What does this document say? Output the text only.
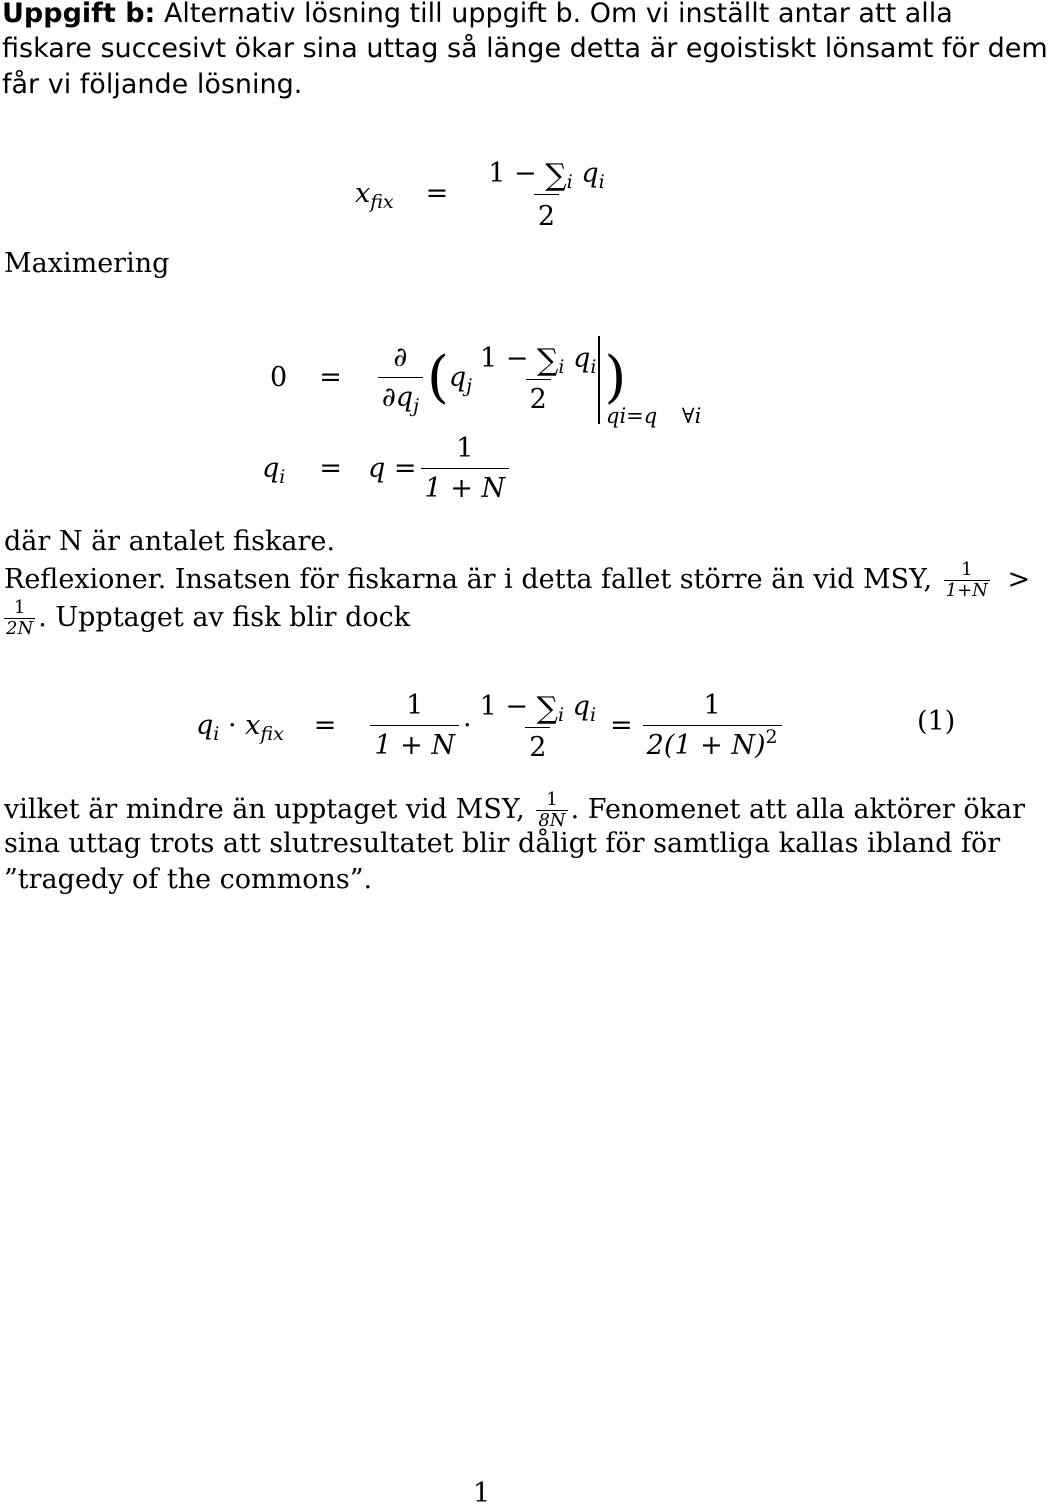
Uppgift b: Alternativ lösning till uppgift b. Om vi inställt antar att alla
fiskare succesivt ökar sina uttag så länge detta är egoistiskt lönsamt för dem
får vi följande lösning.
Maximering
$x_{fix} = \frac{1 - \sum_i q_i}{2}$
$0 = \frac{\partial}{\partial q_j}$ ( $q_j \frac{1 - \sum_i q_i}{2}$ )
qi=q ∀i
$q_i = q = \frac{1}{1 + N}$
där N är antalet fiskare.
Reflexioner. Insatsen för fiskarna är i detta fallet större än vid MSY, $\frac{1}{1+N}$ >
$\frac{1}{2N}$ . Upptaget av fisk blir dock
$q_i \cdot x_{fix} = \frac{1}{1 + N} \cdot \frac{1 - \sum_i q_i}{2} = \frac{1}{2(1 + N)^2}$	(1)
vilket är mindre än upptaget vid MSY, $\frac{1}{8N}$ . Fenomenet att alla aktörer ökar
sina uttag trots att slutresultatet blir dåligt för samtliga kallas ibland för
”tragedy of the commons”.
1
